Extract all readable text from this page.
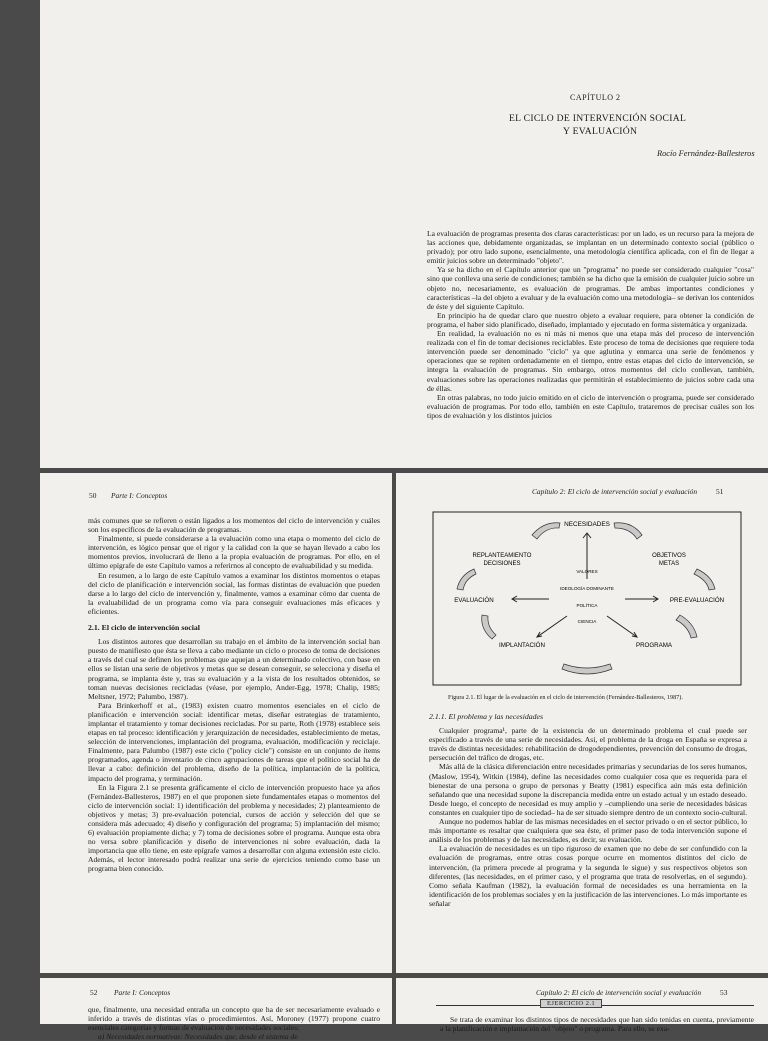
CAPÍTULO 2
EL CICLO DE INTERVENCIÓN SOCIAL
Y EVALUACIÓN
Rocío Fernández-Ballesteros

La evaluación de programas presenta dos claras características: por un lado, es un recurso para la mejora de las acciones que, debidamente organizadas, se implantan en un determinado contexto social (público o privado); por otro lado supone, esencialmente, una metodología científica aplicada, con el fin de llegar a emitir juicios sobre un determinado "objeto".

Ya se ha dicho en el Capítulo anterior que un "programa" no puede ser considerado cualquier "cosa" sino que conlleva una serie de condiciones; también se ha dicho que la emisión de cualquier juicio sobre un objeto no, necesariamente, es evaluación de programas. De ambas importantes condiciones y características –la del objeto a evaluar y de la evaluación como una metodología– se derivan los contenidos de éste y del siguiente Capítulo.

En principio ha de quedar claro que nuestro objeto a evaluar requiere, para obtener la condición de programa, el haber sido planificado, diseñado, implantado y ejecutado en forma sistemática y organizada.

En realidad, la evaluación no es ni más ni menos que una etapa más del proceso de intervención realizada con el fin de tomar decisiones reciclables. Este proceso de toma de decisiones que requiere toda intervención puede ser denominado "ciclo" ya que aglutina y enmarca una serie de fenómenos y operaciones que se repiten ordenadamente en el tiempo, entre estas etapas del ciclo de intervención, se integra la evaluación de programas. Sin embargo, otros momentos del ciclo conllevan, también, evaluaciones sobre las operaciones realizadas que permitirán el establecimiento de juicios sobre cada una de éllas.

En otras palabras, no todo juicio emitido en el ciclo de intervención o programa, puede ser considerado evaluación de programas. Por todo ello, también en este Capítulo, trataremos de precisar cuáles son los tipos de evaluación y los distintos juicios

50 Parte I: Conceptos

más comunes que se refieren o están ligados a los momentos del ciclo de intervención y cuáles son los específicos de la evaluación de programas.

Finalmente, si puede considerarse a la evaluación como una etapa o momento del ciclo de intervención, es lógico pensar que el rigor y la calidad con la que se hayan llevado a cabo los momentos previos, involucrará de lleno a la propia evaluación de programas. Por ello, en el último epígrafe de este Capítulo vamos a referirnos al concepto de evaluabilidad y su medida.

En resumen, a lo largo de este Capítulo vamos a examinar los distintos momentos o etapas del ciclo de planificación e intervención social, las formas distintas de evaluación que pueden darse a lo largo del ciclo de intervención y, finalmente, vamos a examinar cómo dar cuenta de la evaluabilidad de un programa como vía para conseguir evaluaciones más eficaces y eficientes.

2.1. El ciclo de intervención social

Los distintos autores que desarrollan su trabajo en el ámbito de la intervención social han puesto de manifiesto que ésta se lleva a cabo mediante un ciclo o proceso de toma de decisiones a través del cual se definen los problemas que aquejan a un determinado colectivo, con base en ellos se listan una serie de objetivos y metas que se desean conseguir, se selecciona y diseña el programa, se implanta éste y, tras su evaluación y a la vista de los resultados obtenidos, se toman nuevas decisiones recicladas (véase, por ejemplo, Ander-Egg, 1978; Chalip, 1985; Meltsner, 1972; Palumbo, 1987).

Para Brinkerhoff et al., (1983) existen cuatro momentos esenciales en el ciclo de planificación e intervención social: identificar metas, diseñar estrategias de tratamiento, implantar el tratamiento y tomar decisiones recicladas. Por su parte, Roth (1978) establece seis etapas en tal proceso: identificación y jerarquización de necesidades, establecimiento de metas, selección de intervenciones, implantación del programa, evaluación, modificación y reciclaje. Finalmente, para Palumbo (1987) este ciclo ("policy cicle") consiste en un conjunto de ítems programados, agenda o inventario de cinco agrupaciones de tareas que el político social ha de llevar a cabo: definición del problema, diseño de la política, implantación de la política, impacto del programa, y terminación.

En la Figura 2.1 se presenta gráficamente el ciclo de intervención propuesto hace ya años (Fernández-Ballesteros, 1987) en el que proponen siete fundamentales etapas o momentos del ciclo de intervención social: 1) identificación del problema y necesidades; 2) planteamiento de objetivos y metas; 3) pre-evaluación potencial, cursos de acción y selección del que se considera más adecuado; 4) diseño y configuración del programa; 5) implantación del mismo; 6) evaluación propiamente dicha; y 7) toma de decisiones sobre el programa. Aunque esta obra no versa sobre planificación y diseño de intervenciones ni sobre evaluación, dada la importancia que ello tiene, en este epígrafe vamos a desarrollar con alguna extensión este ciclo. Además, el lector interesado podrá realizar una serie de ejercicios teniendo como base un programa bien conocido.

Capítulo 2: El ciclo de intervención social y evaluación	51
NECESIDADES
REPLANTEAMIENTO
DECISIONES
OBJETIVOS
METAS
EVALUACIÓN	PRE-EVALUACIÓN
IMPLANTACIÓN	PROGRAMA
VALORES
IDEOLOGÍA DOMINANTE
POLÍTICA
CIENCIA
Figura 2.1. El lugar de la evaluación en el ciclo de intervención (Fernández-Ballesteros, 1987).
2.1.1. El problema y las necesidades

Cualquier programa¹, parte de la existencia de un determinado problema el cual puede ser especificado a través de una serie de necesidades. Así, el problema de la droga en España se expresa a través de distintas necesidades: rehabilitación de drogodependientes, prevención del consumo de drogas, persecución del tráfico de drogas, etc.

Más allá de la clásica diferenciación entre necesidades primarias y secundarias de los seres humanos, (Maslow, 1954), Witkin (1984), define las necesidades como cualquier cosa que es requerida para el bienestar de una persona o grupo de personas y Beatty (1981) especifica aún más esta definición señalando que una necesidad supone la discrepancia medida entre un estado actual y un estado deseado. Desde luego, el concepto de necesidad es muy amplio y –cumpliendo una serie de necesidades básicas constantes en cualquier tipo de sociedad– ha de ser situado siempre dentro de un contexto socio-cultural.

Aunque no podemos hablar de las mismas necesidades en el sector privado o en el sector público, lo más importante es resaltar que cualquiera que sea éste, el primer paso de toda intervención supone el análisis de los problemas y de las necesidades, es decir, su evaluación.

La evaluación de necesidades es un tipo riguroso de examen que no debe de ser confundido con la evaluación de programas, entre otras cosas porque ocurre en momentos distintos del ciclo de intervención, (la primera precede al programa y la segunda le sigue) y sus respectivos objetos son diferentes, (las necesidades, en el primer caso, y el programa que trata de resolverlas, en el segundo). Como señala Kaufman (1982), la evaluación formal de necesidades es una herramienta en la identificación de los problemas sociales y en la justificación de las intervenciones. Lo más importante es señalar

52 Parte I: Conceptos

que, finalmente, una necesidad entraña un concepto que ha de ser necesariamente evaluado e inferido a través de distintas vías o procedimientos. Así, Moroney (1977) propone cuatro esenciales categorías y formas de evaluación de necesidades sociales:

a) Necesidades normativas: Necesidades que, desde el sistema de

Capítulo 2: El ciclo de intervención social y evaluación	53
EJERCICIO 2.1

Se trata de examinar los distintos tipos de necesidades que han sido tenidas en cuenta, previamente a la planificación e implantación del "objeto" o programa. Para ello, se exa-
